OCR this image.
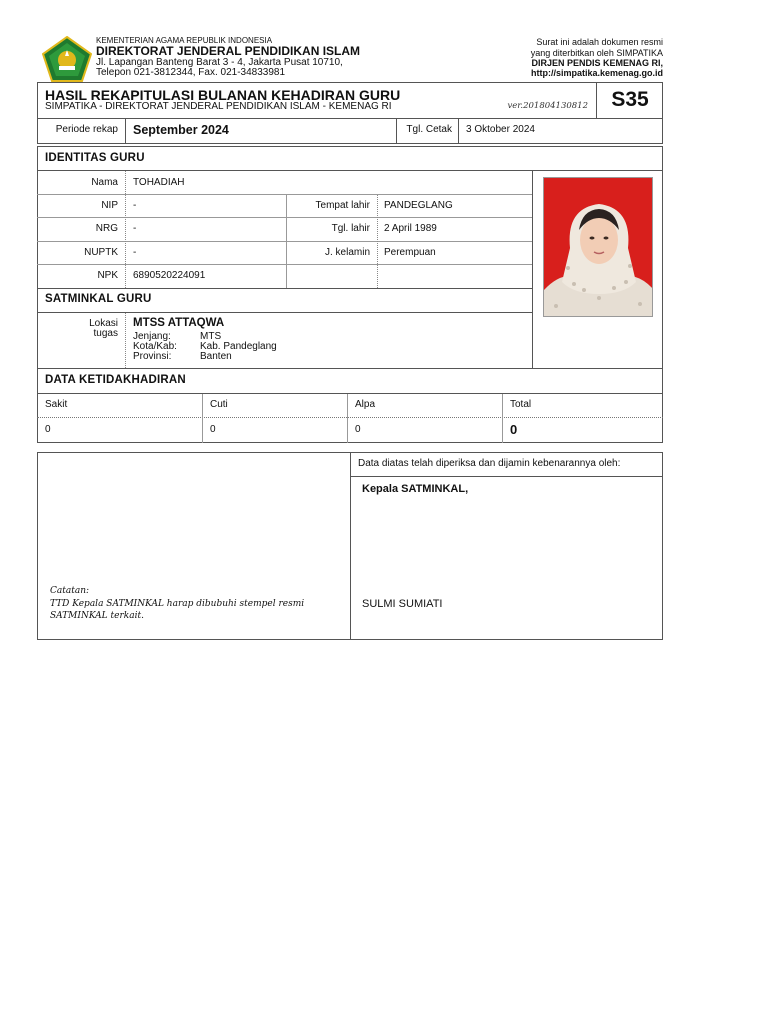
KEMENTERIAN AGAMA REPUBLIK INDONESIA
DIREKTORAT JENDERAL PENDIDIKAN ISLAM
Jl. Lapangan Banteng Barat 3 - 4, Jakarta Pusat 10710,
Telepon 021-3812344, Fax. 021-34833981
Surat ini adalah dokumen resmi
yang diterbitkan oleh SIMPATIKA
DIRJEN PENDIS KEMENAG RI,
http://simpatika.kemenag.go.id
HASIL REKAPITULASI BULANAN KEHADIRAN GURU
SIMPATIKA - DIREKTORAT JENDERAL PENDIDIKAN ISLAM - KEMENAG RI	ver.201804130812	S35
Periode rekap September 2024	Tgl. Cetak 3 Oktober 2024
IDENTITAS GURU
Nama TOHADIAH
NIP -	Tempat lahir PANDEGLANG
NRG -	Tgl. lahir 2 April 1989
NUPTK -	J. kelamin Perempuan
NPK 6890520224091
SATMINKAL GURU
Lokasi
tugas
MTSS ATTAQWA
Jenjang:	MTS
Kota/Kab: Kab. Pandeglang
Provinsi:	Banten
DATA KETIDAKHADIRAN
Sakit	Cuti	Alpa	Total
0	0	0	0
Catatan:
TTD Kepala SATMINKAL harap dibubuhi stempel resmi
SATMINKAL terkait.
Data diatas telah diperiksa dan dijamin kebenarannya oleh:
Kepala SATMINKAL,
SULMI SUMIATI
